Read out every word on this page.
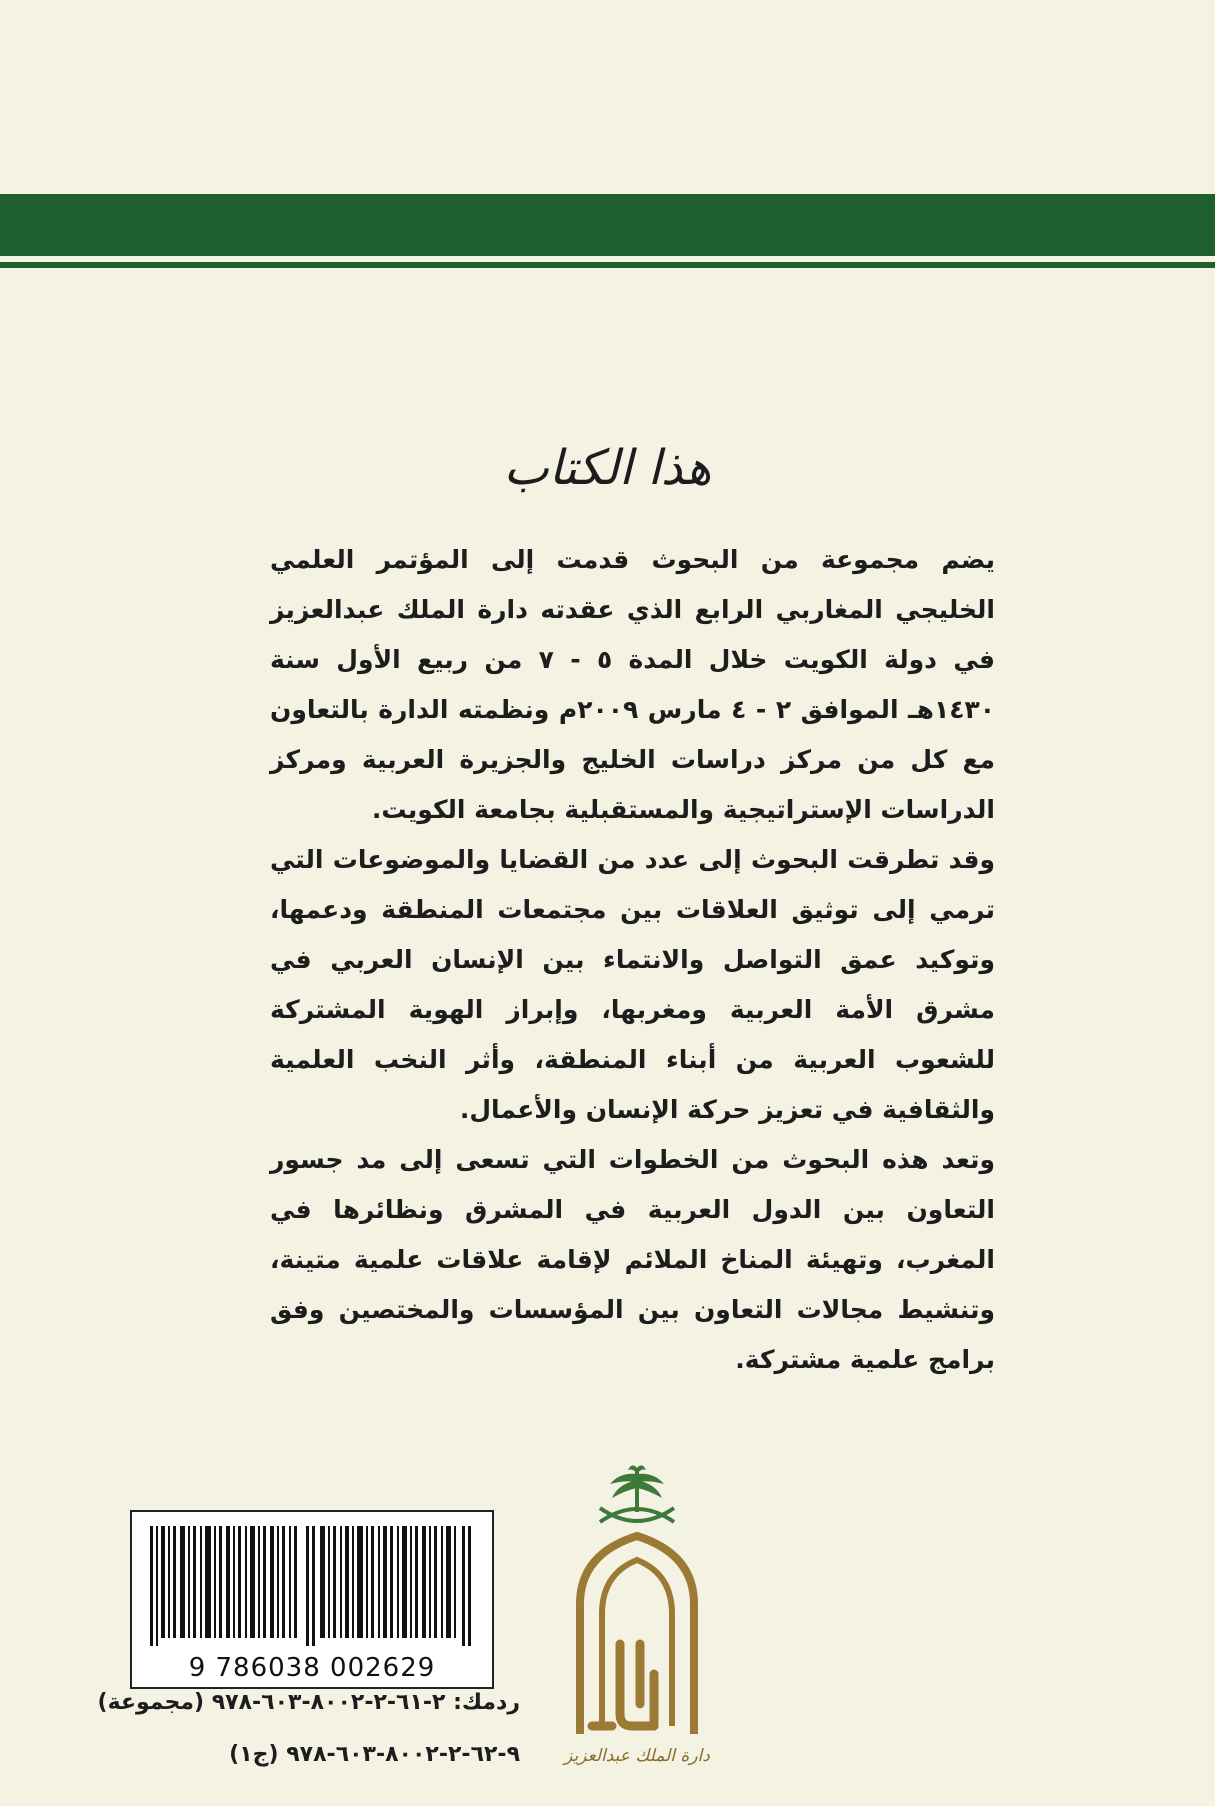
هذا الكتاب

يضم مجموعة من البحوث قدمت إلى المؤتمر العلمي الخليجي المغاربي الرابع الذي عقدته دارة الملك عبدالعزيز في دولة الكويت خلال المدة ٥ - ٧ من ربيع الأول سنة ١٤٣٠هـ الموافق ٢ - ٤ مارس ٢٠٠٩م ونظمته الدارة بالتعاون مع كل من مركز دراسات الخليج والجزيرة العربية ومركز الدراسات الإستراتيجية والمستقبلية بجامعة الكويت.

وقد تطرقت البحوث إلى عدد من القضايا والموضوعات التي ترمي إلى توثيق العلاقات بين مجتمعات المنطقة ودعمها، وتوكيد عمق التواصل والانتماء بين الإنسان العربي في مشرق الأمة العربية ومغربها، وإبراز الهوية المشتركة للشعوب العربية من أبناء المنطقة، وأثر النخب العلمية والثقافية في تعزيز حركة الإنسان والأعمال.

وتعد هذه البحوث من الخطوات التي تسعى إلى مد جسور التعاون بين الدول العربية في المشرق ونظائرها في المغرب، وتهيئة المناخ الملائم لإقامة علاقات علمية متينة، وتنشيط مجالات التعاون بين المؤسسات والمختصين وفق برامج علمية مشتركة.

9 786038 002629
ردمك: ٢-٦١-٢-٨٠٠٢-٦٠٣-٩٧٨ (مجموعة)
٩-٦٢-٢-٨٠٠٢-٦٠٣-٩٧٨ (ج١)	دارة الملك عبدالعزيز
